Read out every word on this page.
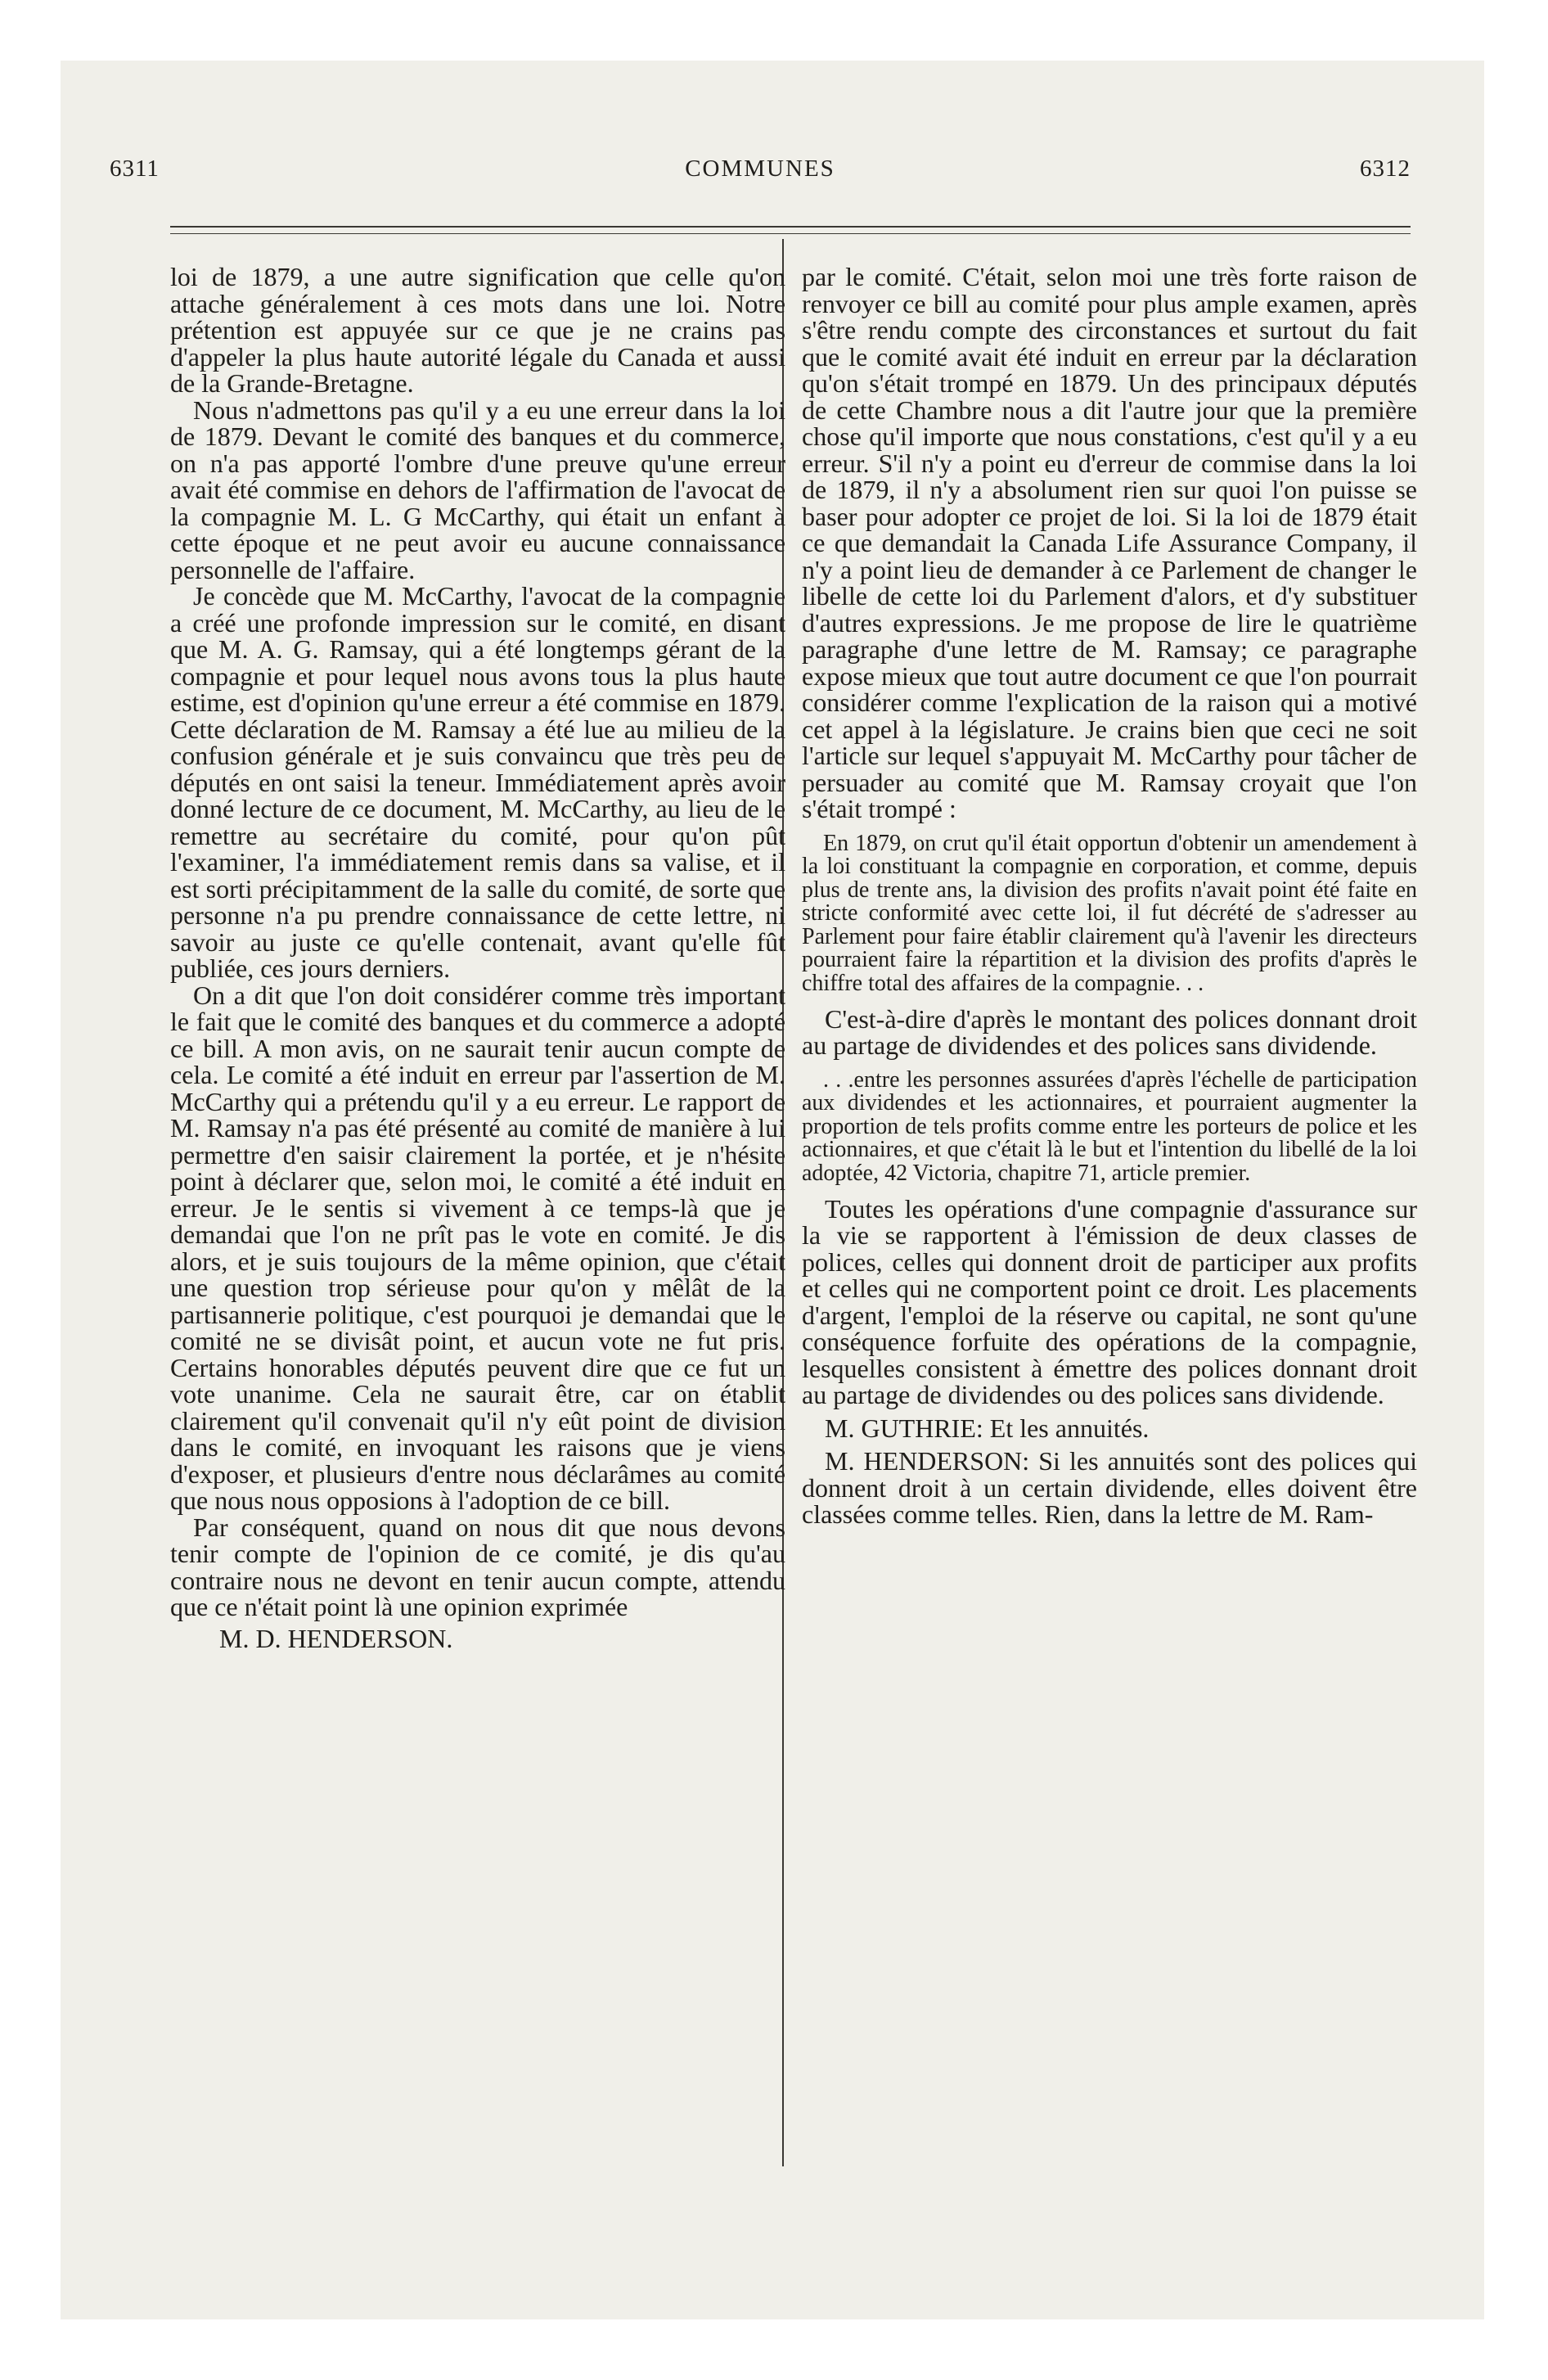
6311	COMMUNES	6312

loi de 1879, a une autre signification que celle qu'on attache généralement à ces mots dans une loi. Notre prétention est appuyée sur ce que je ne crains pas d'appeler la plus haute autorité légale du Canada et aussi de la Grande-Bretagne.

Nous n'admettons pas qu'il y a eu une erreur dans la loi de 1879. Devant le comité des banques et du commerce, on n'a pas apporté l'ombre d'une preuve qu'une erreur avait été commise en dehors de l'affirmation de l'avocat de la compagnie M. L. G McCarthy, qui était un enfant à cette époque et ne peut avoir eu aucune connaissance personnelle de l'affaire.

Je concède que M. McCarthy, l'avocat de la compagnie a créé une profonde impression sur le comité, en disant que M. A. G. Ramsay, qui a été longtemps gérant de la compagnie et pour lequel nous avons tous la plus haute estime, est d'opinion qu'une erreur a été commise en 1879. Cette déclaration de M. Ramsay a été lue au milieu de la confusion générale et je suis convaincu que très peu de députés en ont saisi la teneur. Immédiatement après avoir donné lecture de ce document, M. McCarthy, au lieu de le remettre au secrétaire du comité, pour qu'on pût l'examiner, l'a immédiatement remis dans sa valise, et il est sorti précipitamment de la salle du comité, de sorte que personne n'a pu prendre connaissance de cette lettre, ni savoir au juste ce qu'elle contenait, avant qu'elle fût publiée, ces jours derniers.

On a dit que l'on doit considérer comme très important le fait que le comité des banques et du commerce a adopté ce bill. A mon avis, on ne saurait tenir aucun compte de cela. Le comité a été induit en erreur par l'assertion de M. McCarthy qui a prétendu qu'il y a eu erreur. Le rapport de M. Ramsay n'a pas été présenté au comité de manière à lui permettre d'en saisir clairement la portée, et je n'hésite point à déclarer que, selon moi, le comité a été induit en erreur. Je le sentis si vivement à ce temps-là que je demandai que l'on ne prît pas le vote en comité. Je dis alors, et je suis toujours de la même opinion, que c'était une question trop sérieuse pour qu'on y mêlât de la partisannerie politique, c'est pourquoi je demandai que le comité ne se divisât point, et aucun vote ne fut pris. Certains honorables députés peuvent dire que ce fut un vote unanime. Cela ne saurait être, car on établit clairement qu'il convenait qu'il n'y eût point de division dans le comité, en invoquant les raisons que je viens d'exposer, et plusieurs d'entre nous déclarâmes au comité que nous nous opposions à l'adoption de ce bill.

Par conséquent, quand on nous dit que nous devons tenir compte de l'opinion de ce comité, je dis qu'au contraire nous ne devont en tenir aucun compte, attendu que ce n'était point là une opinion exprimée

M. D. HENDERSON.

par le comité. C'était, selon moi une très forte raison de renvoyer ce bill au comité pour plus ample examen, après s'être rendu compte des circonstances et surtout du fait que le comité avait été induit en erreur par la déclaration qu'on s'était trompé en 1879. Un des principaux députés de cette Chambre nous a dit l'autre jour que la première chose qu'il importe que nous constations, c'est qu'il y a eu erreur. S'il n'y a point eu d'erreur de commise dans la loi de 1879, il n'y a absolument rien sur quoi l'on puisse se baser pour adopter ce projet de loi. Si la loi de 1879 était ce que demandait la Canada Life Assurance Company, il n'y a point lieu de demander à ce Parlement de changer le libelle de cette loi du Parlement d'alors, et d'y substituer d'autres expressions. Je me propose de lire le quatrième paragraphe d'une lettre de M. Ramsay; ce paragraphe expose mieux que tout autre document ce que l'on pourrait considérer comme l'explication de la raison qui a motivé cet appel à la législature. Je crains bien que ceci ne soit l'article sur lequel s'appuyait M. McCarthy pour tâcher de persuader au comité que M. Ramsay croyait que l'on s'était trompé :

En 1879, on crut qu'il était opportun d'obtenir un amendement à la loi constituant la compagnie en corporation, et comme, depuis plus de trente ans, la division des profits n'avait point été faite en stricte conformité avec cette loi, il fut décrété de s'adresser au Parlement pour faire établir clairement qu'à l'avenir les directeurs pourraient faire la répartition et la division des profits d'après le chiffre total des affaires de la compagnie. . .

C'est-à-dire d'après le montant des polices donnant droit au partage de dividendes et des polices sans dividende.

. . .entre les personnes assurées d'après l'échelle de participation aux dividendes et les actionnaires, et pourraient augmenter la proportion de tels profits comme entre les porteurs de police et les actionnaires, et que c'était là le but et l'intention du libellé de la loi adoptée, 42 Victoria, chapitre 71, article premier.

Toutes les opérations d'une compagnie d'assurance sur la vie se rapportent à l'émission de deux classes de polices, celles qui donnent droit de participer aux profits et celles qui ne comportent point ce droit. Les placements d'argent, l'emploi de la réserve ou capital, ne sont qu'une conséquence forfuite des opérations de la compagnie, lesquelles consistent à émettre des polices donnant droit au partage de dividendes ou des polices sans dividende.

M. GUTHRIE: Et les annuités.

M. HENDERSON: Si les annuités sont des polices qui donnent droit à un certain dividende, elles doivent être classées comme telles. Rien, dans la lettre de M. Ram-
